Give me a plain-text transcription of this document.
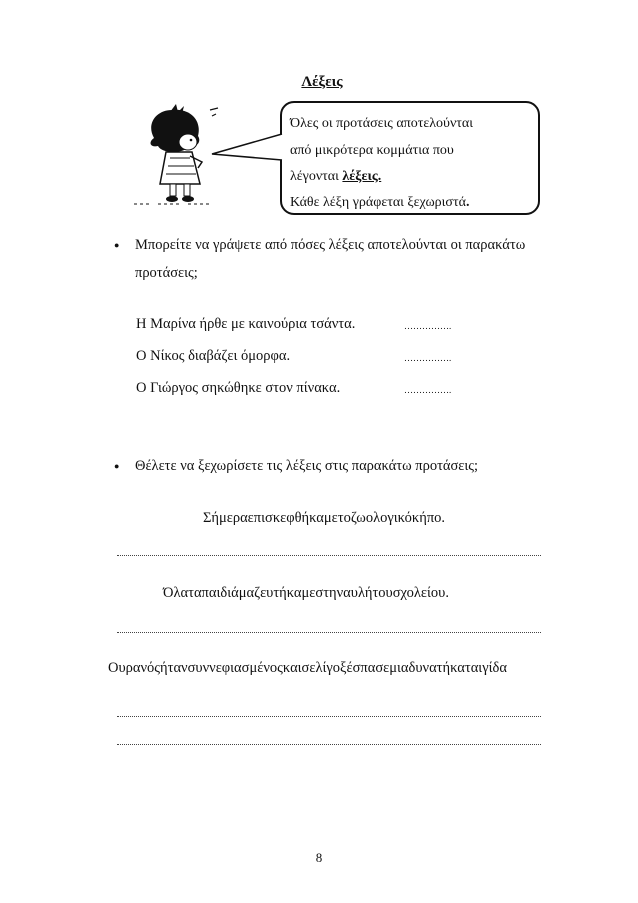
Λέξεις
Όλες οι προτάσεις αποτελούνται
από μικρότερα κομμάτια που
λέγονται λέξεις.
Κάθε λέξη γράφεται ξεχωριστά.
● Μπορείτε να γράψετε από πόσες λέξεις αποτελούνται οι παρακάτω
προτάσεις;
Η Μαρίνα ήρθε με καινούρια τσάντα.	…………….
Ο Νίκος διαβάζει όμορφα.	…………….
Ο Γιώργος σηκώθηκε στον πίνακα.	…………….
● Θέλετε να ξεχωρίσετε τις λέξεις στις παρακάτω προτάσεις;
Σήμεραεπισκεφθήκαμετοζωολογικόκήπο.
Όλαταπαιδιάμαζευτήκαμεστηναυλήτουσχολείου.
Ουρανόςήτανσυννεφιασμένοςκαισελίγοξέσπασεμιαδυνατήκαταιγίδα
8
